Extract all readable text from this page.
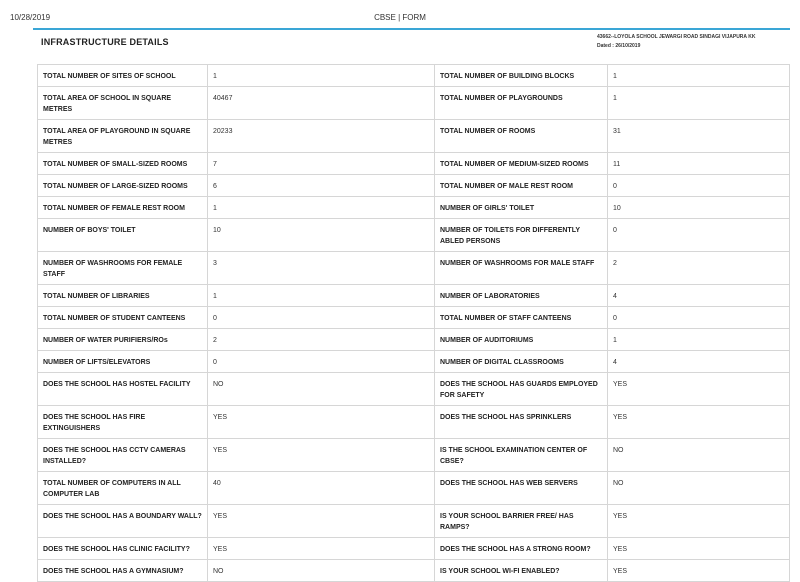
10/28/2019	CBSE | FORM
INFRASTRUCTURE DETAILS	43662--LOYOLA SCHOOL JEWARGI ROAD SINDAGI VIJAPURA KK
Dated : 26/10/2019
TOTAL NUMBER OF SITES OF SCHOOL	1	TOTAL NUMBER OF BUILDING BLOCKS	1
TOTAL AREA OF SCHOOL IN SQUARE METRES	40467	TOTAL NUMBER OF PLAYGROUNDS	1
TOTAL AREA OF PLAYGROUND IN SQUARE METRES	20233	TOTAL NUMBER OF ROOMS	31
TOTAL NUMBER OF SMALL-SIZED ROOMS	7	TOTAL NUMBER OF MEDIUM-SIZED ROOMS	11
TOTAL NUMBER OF LARGE-SIZED ROOMS	6	TOTAL NUMBER OF MALE REST ROOM	0
TOTAL NUMBER OF FEMALE REST ROOM	1	NUMBER OF GIRLS' TOILET	10
NUMBER OF BOYS' TOILET	10	NUMBER OF TOILETS FOR DIFFERENTLY ABLED PERSONS	0
NUMBER OF WASHROOMS FOR FEMALE STAFF	3	NUMBER OF WASHROOMS FOR MALE STAFF	2
TOTAL NUMBER OF LIBRARIES	1	NUMBER OF LABORATORIES	4
TOTAL NUMBER OF STUDENT CANTEENS	0	TOTAL NUMBER OF STAFF CANTEENS	0
NUMBER OF WATER PURIFIERS/ROs	2	NUMBER OF AUDITORIUMS	1
NUMBER OF LIFTS/ELEVATORS	0	NUMBER OF DIGITAL CLASSROOMS	4
DOES THE SCHOOL HAS HOSTEL FACILITY	NO	DOES THE SCHOOL HAS GUARDS EMPLOYED FOR SAFETY	YES
DOES THE SCHOOL HAS FIRE EXTINGUISHERS	YES	DOES THE SCHOOL HAS SPRINKLERS	YES
DOES THE SCHOOL HAS CCTV CAMERAS INSTALLED?	YES	IS THE SCHOOL EXAMINATION CENTER OF CBSE?	NO
TOTAL NUMBER OF COMPUTERS IN ALL COMPUTER LAB	40	DOES THE SCHOOL HAS WEB SERVERS	NO
DOES THE SCHOOL HAS A BOUNDARY WALL?	YES	IS YOUR SCHOOL BARRIER FREE/ HAS RAMPS?	YES
DOES THE SCHOOL HAS CLINIC FACILITY?	YES	DOES THE SCHOOL HAS A STRONG ROOM?	YES
DOES THE SCHOOL HAS A GYMNASIUM?	NO	IS YOUR SCHOOL WI-FI ENABLED?	YES
